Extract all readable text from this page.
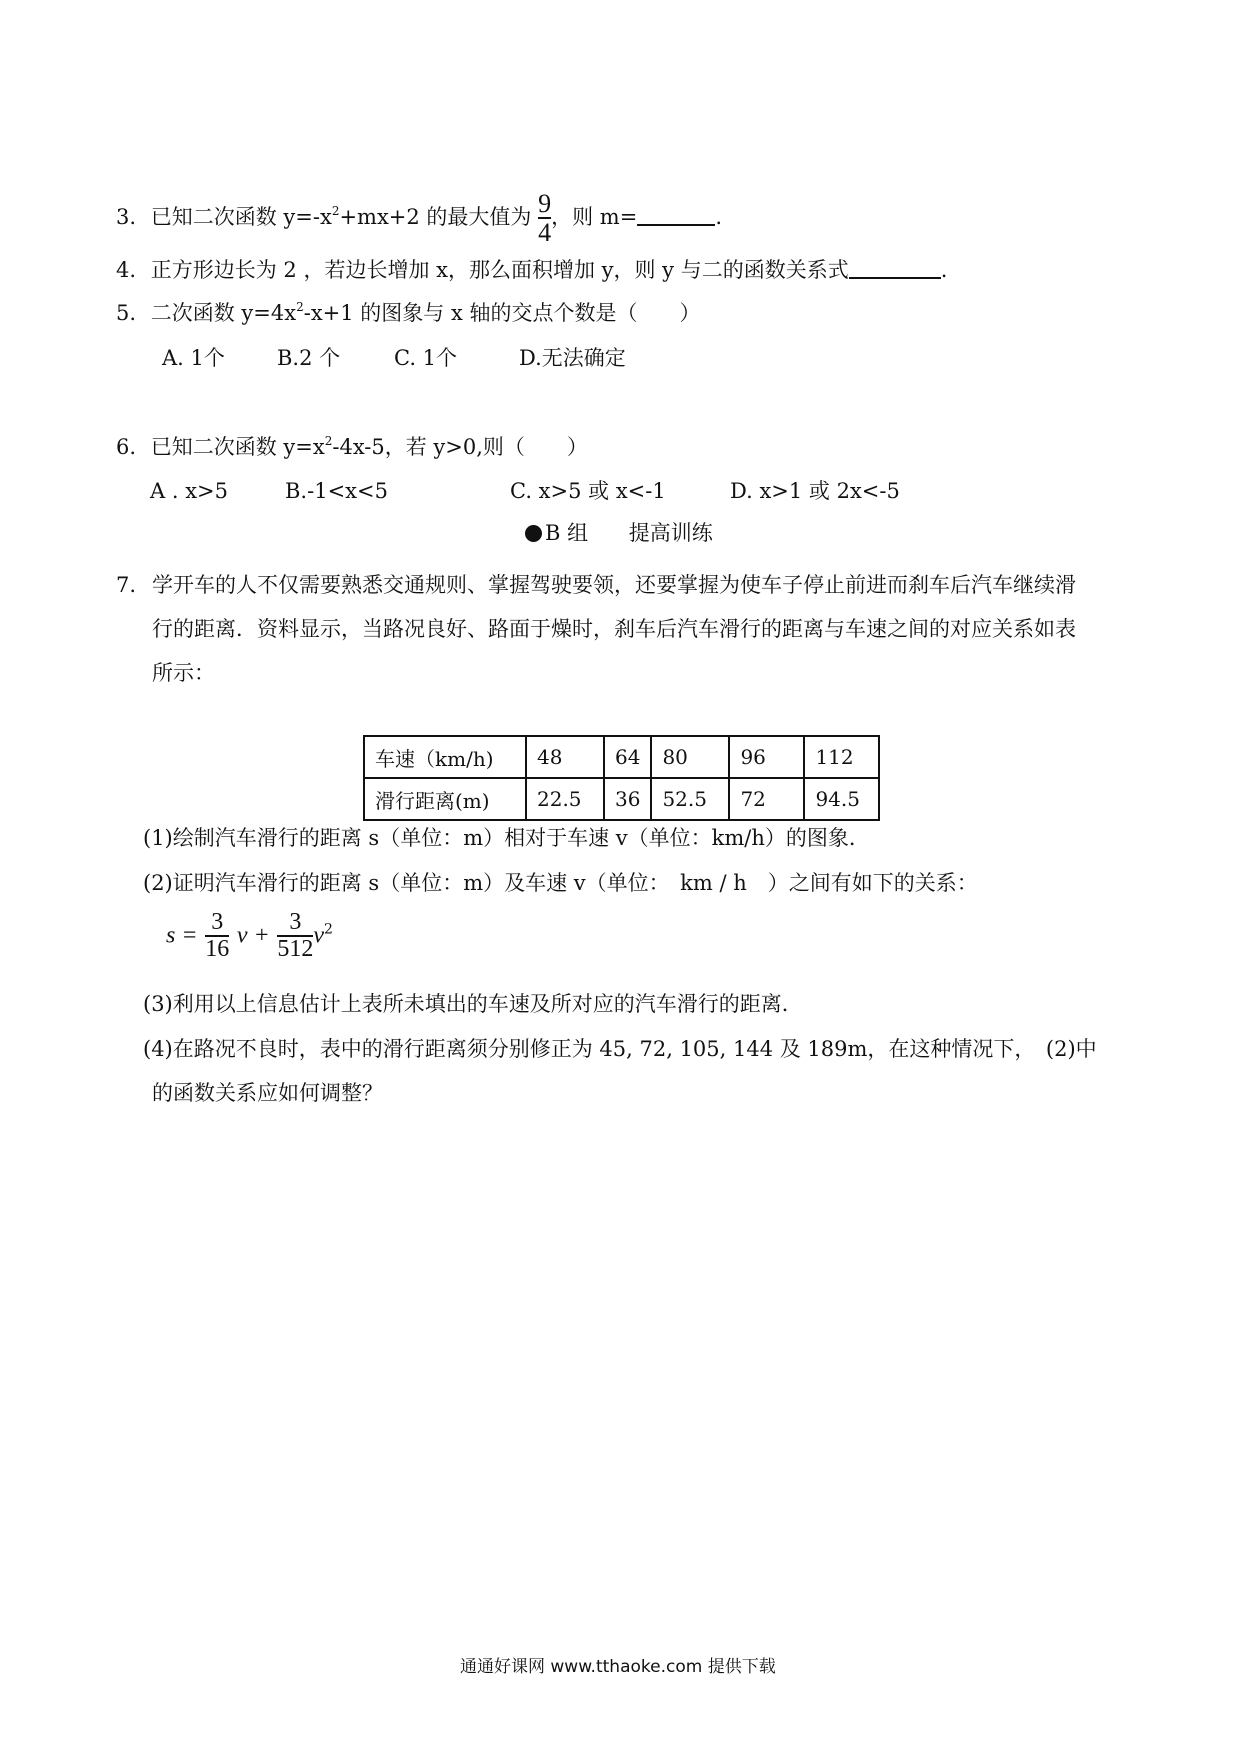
3. 已知二次函数 $y=-x^2+mx+2$ 的最大值为 $\frac{9}{4}$ ，则 m=	.
4. 正方形边长为 2 ，若边长增加 x，那么面积增加 y，则 y 与二的函数关系式	.
5. 二次函数 $y=4x^2-x+1$ 的图象与 x 轴的交点个数是（　　）
A. 1个 B.2 个	C. 1个	D.无法确定
6. 已知二次函数 $y=x^2-4x-5$，若 y>0,则（　　）
A . x>5	B.-1<x<5	C. x>5 或 x<-1	D. x>1 或 2x<-5
B 组 提高训练
7. 学开车的人不仅需要熟悉交通规则、掌握驾驶要领，还要掌握为使车子停止前进而刹车后汽车继续滑
行的距离．资料显示，当路况良好、路面于燥时，刹车后汽车滑行的距离与车速之间的对应关系如表
所示：
车速（km/h)	48	64	80	96	112
滑行距离(m)	22.5	36	52.5	72	94.5
(1)绘制汽车滑行的距离 s（单位：m）相对于车速 v（单位：km/h）的图象．
(2)证明汽车滑行的距离 s（单位：m）及车速 v（单位：　km / h　）之间有如下的关系：
$s = \frac{3}{16}$ $v + \frac{3}{512} v^2$
(3)利用以上信息估计上表所未填出的车速及所对应的汽车滑行的距离．
(4)在路况不良时，表中的滑行距离须分别修正为 45, 72, 105, 144 及 189m，在这种情况下，　(2)中
的函数关系应如何调整？
通通好课网 www.tthaoke.com 提供下载
